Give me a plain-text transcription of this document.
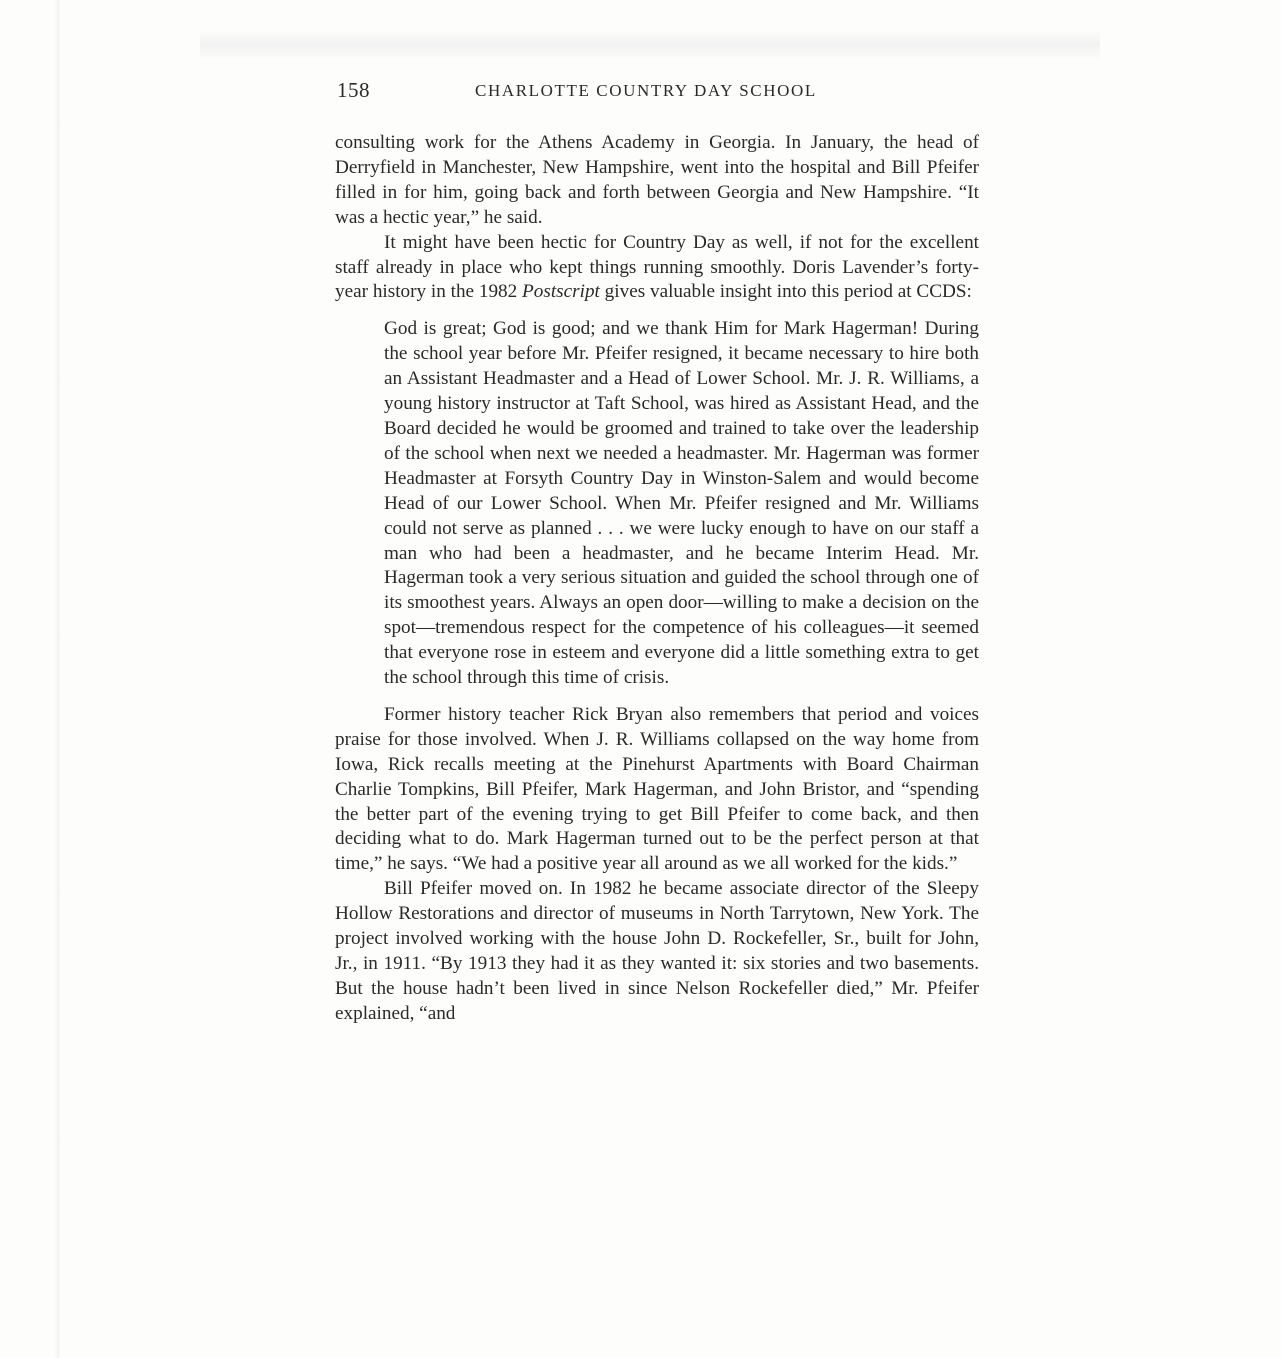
158	CHARLOTTE COUNTRY DAY SCHOOL

consulting work for the Athens Academy in Georgia. In January, the head of Derryfield in Manchester, New Hampshire, went into the hospital and Bill Pfeifer filled in for him, going back and forth between Georgia and New Hampshire. “It was a hectic year,” he said.

It might have been hectic for Country Day as well, if not for the excellent staff already in place who kept things running smoothly. Doris Lavender’s forty-year history in the 1982 Postscript gives valuable insight into this period at CCDS:

God is great; God is good; and we thank Him for Mark Hagerman! During the school year before Mr. Pfeifer resigned, it became necessary to hire both an Assistant Headmaster and a Head of Lower School. Mr. J. R. Williams, a young history instructor at Taft School, was hired as Assistant Head, and the Board decided he would be groomed and trained to take over the leadership of the school when next we needed a headmaster. Mr. Hagerman was former Headmaster at Forsyth Country Day in Winston-Salem and would become Head of our Lower School. When Mr. Pfeifer resigned and Mr. Williams could not serve as planned . . . we were lucky enough to have on our staff a man who had been a headmaster, and he became Interim Head. Mr. Hagerman took a very serious situation and guided the school through one of its smoothest years. Always an open door—willing to make a decision on the spot—tremendous respect for the competence of his colleagues—it seemed that everyone rose in esteem and everyone did a little something extra to get the school through this time of crisis.

Former history teacher Rick Bryan also remembers that period and voices praise for those involved. When J. R. Williams collapsed on the way home from Iowa, Rick recalls meeting at the Pinehurst Apartments with Board Chairman Charlie Tompkins, Bill Pfeifer, Mark Hagerman, and John Bristor, and “spending the better part of the evening trying to get Bill Pfeifer to come back, and then deciding what to do. Mark Hagerman turned out to be the perfect person at that time,” he says. “We had a positive year all around as we all worked for the kids.”

Bill Pfeifer moved on. In 1982 he became associate director of the Sleepy Hollow Restorations and director of museums in North Tarrytown, New York. The project involved working with the house John D. Rockefeller, Sr., built for John, Jr., in 1911. “By 1913 they had it as they wanted it: six stories and two basements. But the house hadn’t been lived in since Nelson Rockefeller died,” Mr. Pfeifer explained, “and
